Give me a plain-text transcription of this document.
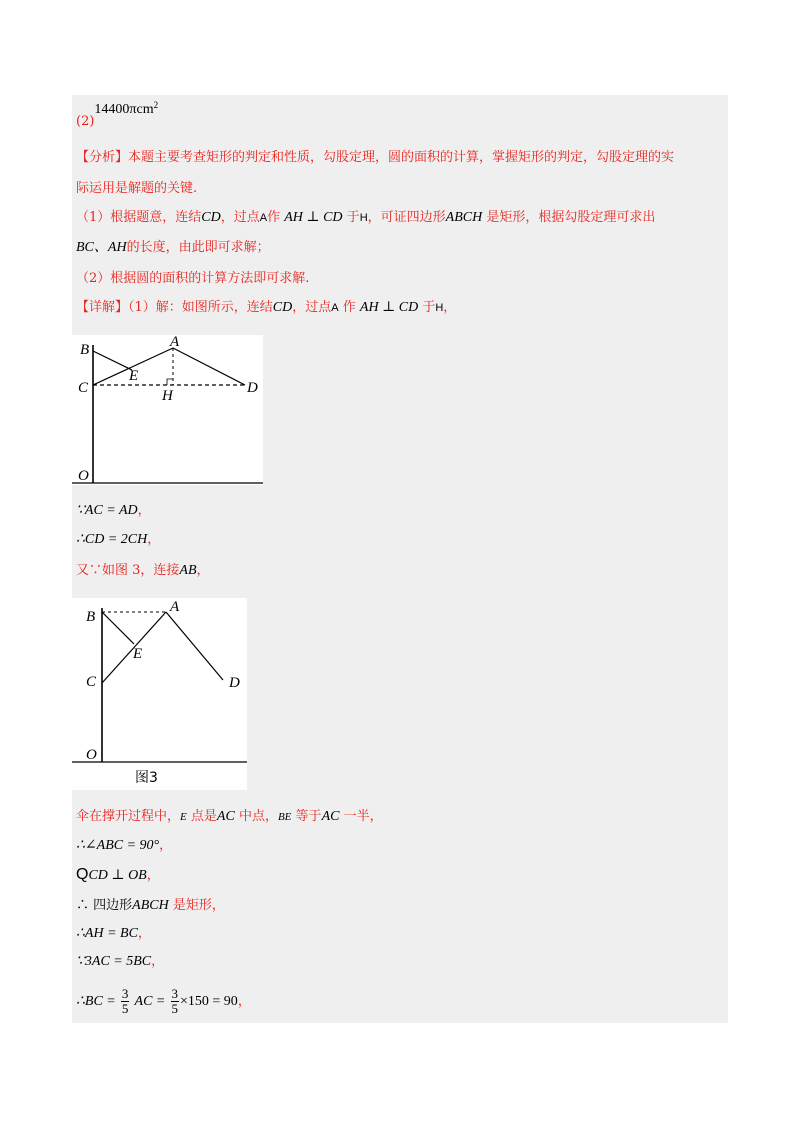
(2)14400πcm$^2$
【分析】本题主要考查矩形的判定和性质，勾股定理，圆的面积的计算，掌握矩形的判定，勾股定理的实
际运用是解题的关键.
（1）根据题意，连结CD，过点A作 AH ⊥ CD 于H，可证四边形ABCH 是矩形，根据勾股定理可求出
BC、AH的长度，由此即可求解；
（2）根据圆的面积的计算方法即可求解.
【详解】（1）解：如图所示，连结CD，过点A 作 AH ⊥ CD 于H，
B	A
E
C	H	D
O
∵AC = AD，
∴CD = 2CH，
又∵如图 3，连接AB，
B
A
E
C	D
O
图3
伞在撑开过程中，E 点是AC 中点，BE 等于AC 一半，
∴∠ABC = 90°，
QCD ⊥ OB，
∴ 四边形ABCH 是矩形，
∴AH = BC，
∵3AC = 5BC，
∴BC = $\frac{3}{5}$ AC = $\frac{3}{5} \times 150 = 90$，
